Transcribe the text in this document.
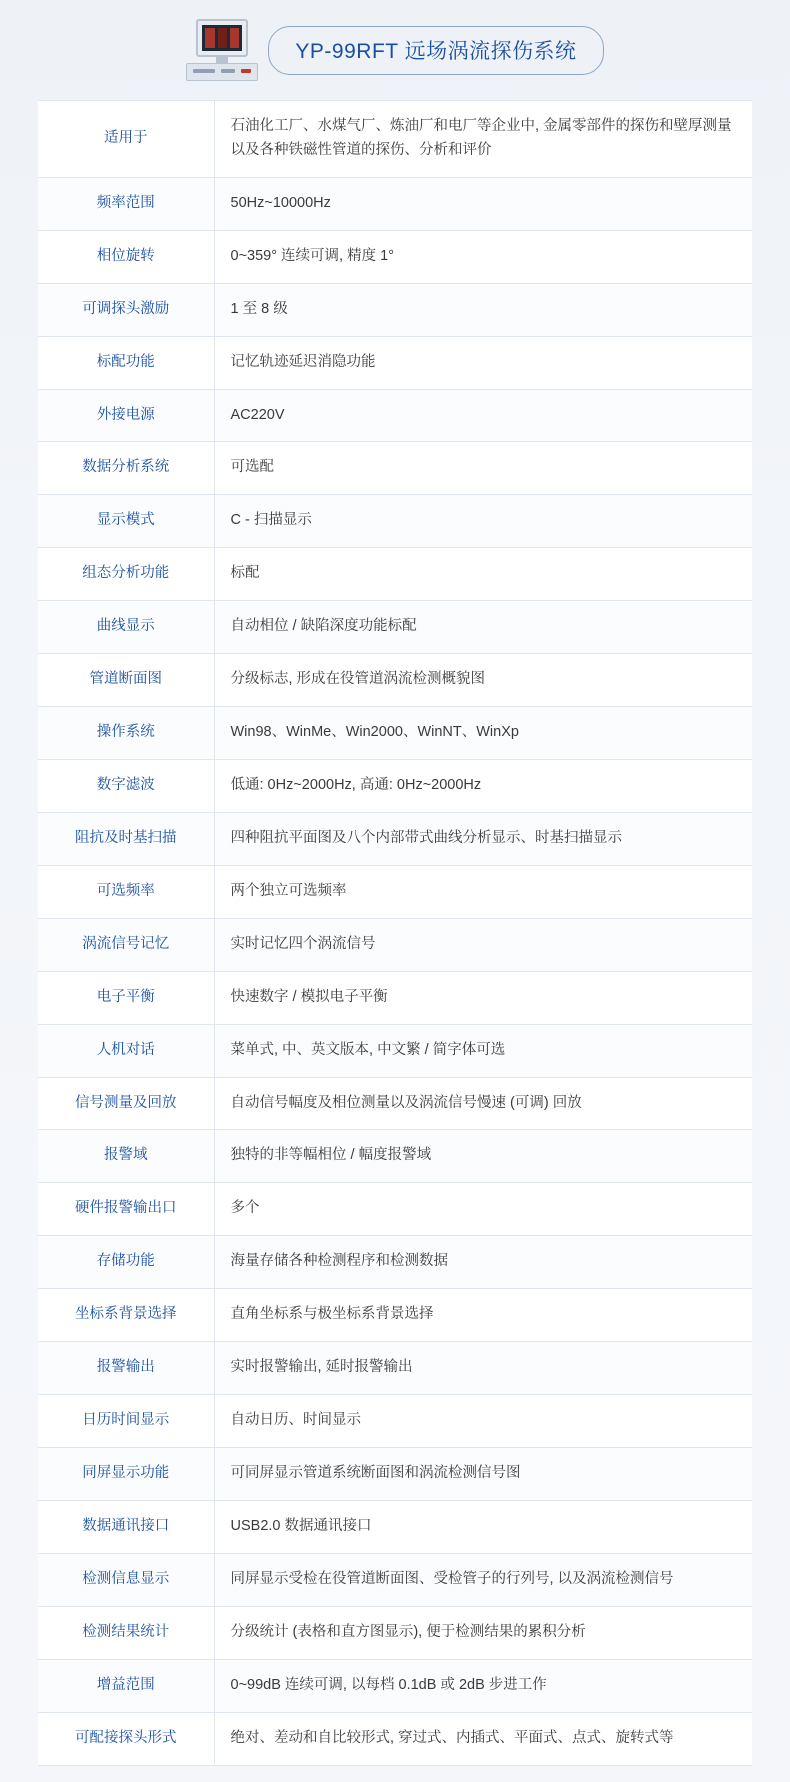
YP-99RFT 远场涡流探伤系统
适用于	石油化工厂、水煤气厂、炼油厂和电厂等企业中, 金属零部件的探伤和壁厚测量以及各种铁磁性管道的探伤、分析和评价
频率范围	50Hz~10000Hz
相位旋转	0~359° 连续可调, 精度 1°
可调探头激励	1 至 8 级
标配功能	记忆轨迹延迟消隐功能
外接电源	AC220V
数据分析系统	可选配
显示模式	C - 扫描显示
组态分析功能	标配
曲线显示	自动相位 / 缺陷深度功能标配
管道断面图	分级标志, 形成在役管道涡流检测概貌图
操作系统	Win98、WinMe、Win2000、WinNT、WinXp
数字滤波	低通: 0Hz~2000Hz, 高通: 0Hz~2000Hz
阻抗及时基扫描	四种阻抗平面图及八个内部带式曲线分析显示、时基扫描显示
可选频率	两个独立可选频率
涡流信号记忆	实时记忆四个涡流信号
电子平衡	快速数字 / 模拟电子平衡
人机对话	菜单式, 中、英文版本, 中文繁 / 简字体可选
信号测量及回放	自动信号幅度及相位测量以及涡流信号慢速 (可调) 回放
报警域	独特的非等幅相位 / 幅度报警域
硬件报警输出口	多个
存储功能	海量存储各种检测程序和检测数据
坐标系背景选择	直角坐标系与极坐标系背景选择
报警输出	实时报警输出, 延时报警输出
日历时间显示	自动日历、时间显示
同屏显示功能	可同屏显示管道系统断面图和涡流检测信号图
数据通讯接口	USB2.0 数据通讯接口
检测信息显示	同屏显示受检在役管道断面图、受检管子的行列号, 以及涡流检测信号
检测结果统计	分级统计 (表格和直方图显示), 便于检测结果的累积分析
增益范围	0~99dB 连续可调, 以每档 0.1dB 或 2dB 步进工作
可配接探头形式	绝对、差动和自比较形式, 穿过式、内插式、平面式、点式、旋转式等
